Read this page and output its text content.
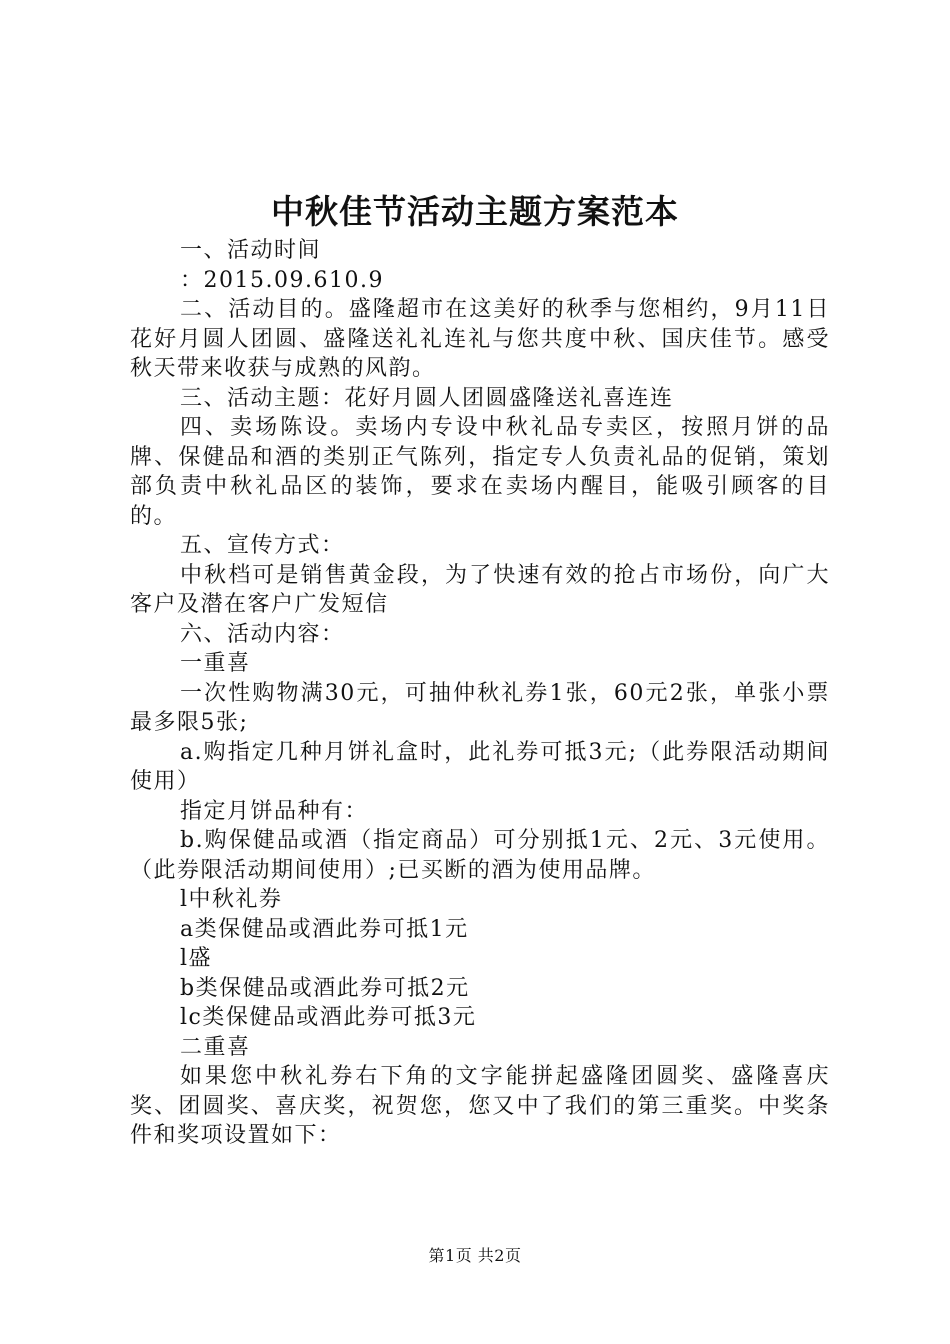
中秋佳节活动主题方案范本

一、活动时间

：2015.09.610.9

二、活动目的。盛隆超市在这美好的秋季与您相约，9月11日花好月圆人团圆、盛隆送礼礼连礼与您共度中秋、国庆佳节。感受秋天带来收获与成熟的风韵。

三、活动主题：花好月圆人团圆盛隆送礼喜连连

四、卖场陈设。卖场内专设中秋礼品专卖区，按照月饼的品牌、保健品和酒的类别正气陈列，指定专人负责礼品的促销，策划部负责中秋礼品区的装饰，要求在卖场内醒目，能吸引顾客的目的。

五、宣传方式：

中秋档可是销售黄金段，为了快速有效的抢占市场份，向广大客户及潜在客户广发短信

六、活动内容：

一重喜

一次性购物满30元，可抽仲秋礼券1张，60元2张，单张小票最多限5张;

a.购指定几种月饼礼盒时，此礼券可抵3元;（此券限活动期间使用）

指定月饼品种有：

b.购保健品或酒（指定商品）可分别抵1元、2元、3元使用。（此券限活动期间使用）;已买断的酒为使用品牌。

l中秋礼券

a类保健品或酒此券可抵1元

l盛

b类保健品或酒此券可抵2元

lc类保健品或酒此券可抵3元

二重喜

如果您中秋礼券右下角的文字能拼起盛隆团圆奖、盛隆喜庆奖、团圆奖、喜庆奖，祝贺您，您又中了我们的第三重奖。中奖条件和奖项设置如下：

第1页 共2页
